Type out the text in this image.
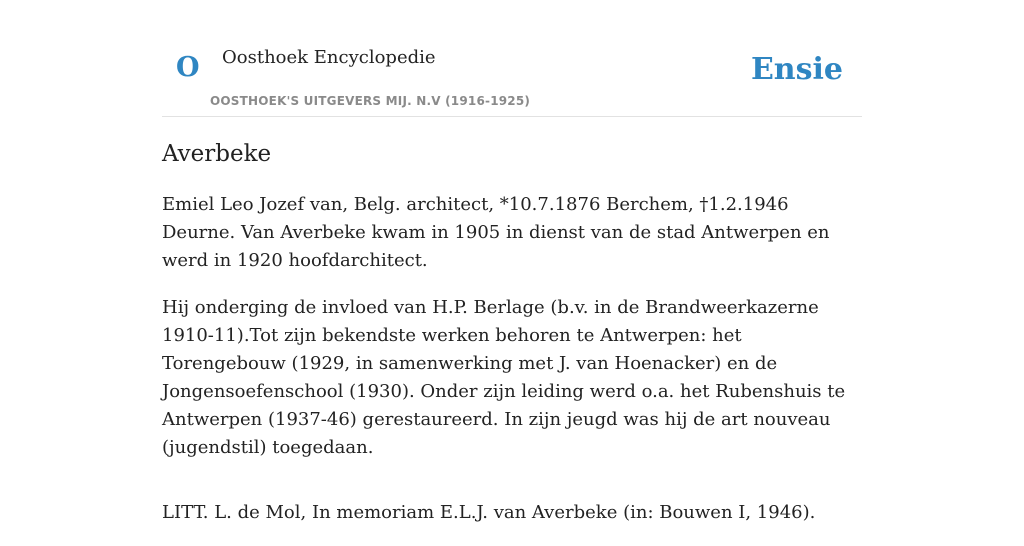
O Oosthoek Encyclopedie
OOSTHOEK'S UITGEVERS MIJ. N.V (1916-1925)
Ensie
Averbeke

Emiel Leo Jozef van, Belg. architect, *10.7.1876 Berchem, †1.2.1946 Deurne. Van Averbeke kwam in 1905 in dienst van de stad Antwerpen en werd in 1920 hoofdarchitect.

Hij onderging de invloed van H.P. Berlage (b.v. in de Brandweerkazerne 1910-11).Tot zijn bekendste werken behoren te Antwerpen: het Torengebouw (1929, in samenwerking met J. van Hoenacker) en de Jongensoefenschool (1930). Onder zijn leiding werd o.a. het Rubenshuis te Antwerpen (1937-46) gerestaureerd. In zijn jeugd was hij de art nouveau (jugendstil) toegedaan.

LITT. L. de Mol, In memoriam E.L.J. van Averbeke (in: Bouwen I, 1946).
